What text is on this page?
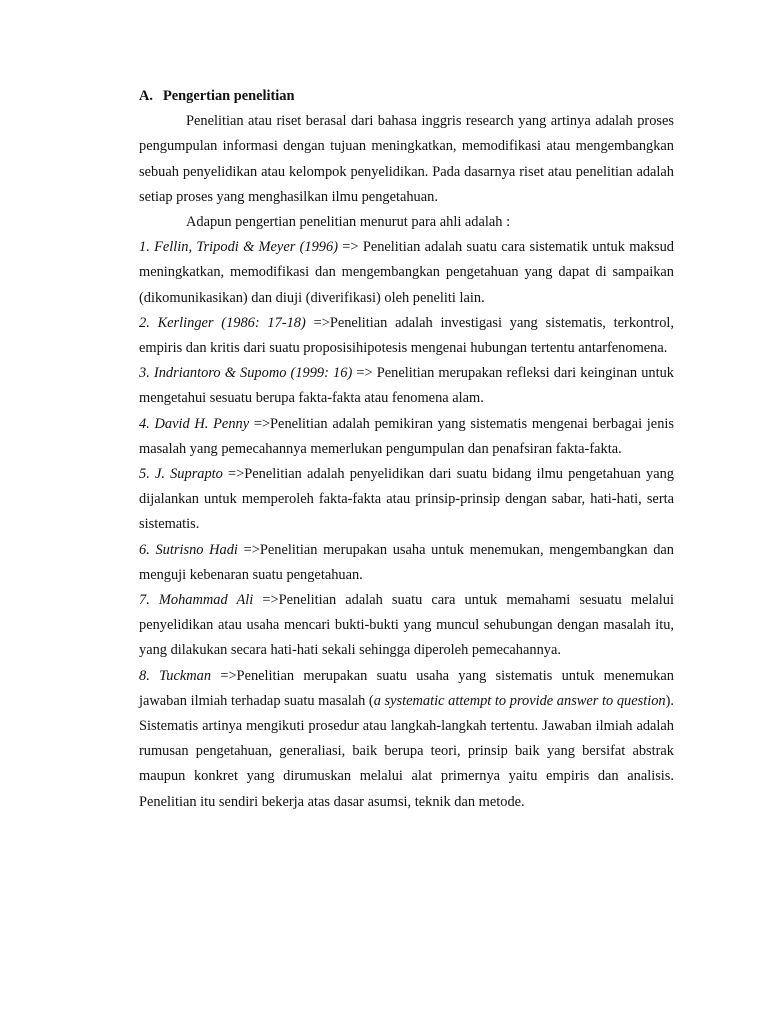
A. Pengertian penelitian

Penelitian atau riset berasal dari bahasa inggris research yang artinya adalah proses pengumpulan informasi dengan tujuan meningkatkan, memodifikasi atau mengembangkan sebuah penyelidikan atau kelompok penyelidikan. Pada dasarnya riset atau penelitian adalah setiap proses yang menghasilkan ilmu pengetahuan.

Adapun pengertian penelitian menurut para ahli adalah :

1. Fellin, Tripodi & Meyer (1996) => Penelitian adalah suatu cara sistematik untuk maksud meningkatkan, memodifikasi dan mengembangkan pengetahuan yang dapat di sampaikan (dikomunikasikan) dan diuji (diverifikasi) oleh peneliti lain.

2. Kerlinger (1986: 17-18) =>Penelitian adalah investigasi yang sistematis, terkontrol, empiris dan kritis dari suatu proposisihipotesis mengenai hubungan tertentu antarfenomena.

3. Indriantoro & Supomo (1999: 16) => Penelitian merupakan refleksi dari keinginan untuk mengetahui sesuatu berupa fakta-fakta atau fenomena alam.

4. David H. Penny =>Penelitian adalah pemikiran yang sistematis mengenai berbagai jenis masalah yang pemecahannya memerlukan pengumpulan dan penafsiran fakta-fakta.

5. J. Suprapto =>Penelitian adalah penyelidikan dari suatu bidang ilmu pengetahuan yang dijalankan untuk memperoleh fakta-fakta atau prinsip-prinsip dengan sabar, hati-hati, serta sistematis.

6. Sutrisno Hadi =>Penelitian merupakan usaha untuk menemukan, mengembangkan dan menguji kebenaran suatu pengetahuan.

7. Mohammad Ali =>Penelitian adalah suatu cara untuk memahami sesuatu melalui penyelidikan atau usaha mencari bukti-bukti yang muncul sehubungan dengan masalah itu, yang dilakukan secara hati-hati sekali sehingga diperoleh pemecahannya.

8. Tuckman =>Penelitian merupakan suatu usaha yang sistematis untuk menemukan jawaban ilmiah terhadap suatu masalah (a systematic attempt to provide answer to question). Sistematis artinya mengikuti prosedur atau langkah-langkah tertentu. Jawaban ilmiah adalah rumusan pengetahuan, generaliasi, baik berupa teori, prinsip baik yang bersifat abstrak maupun konkret yang dirumuskan melalui alat primernya yaitu empiris dan analisis. Penelitian itu sendiri bekerja atas dasar asumsi, teknik dan metode.
